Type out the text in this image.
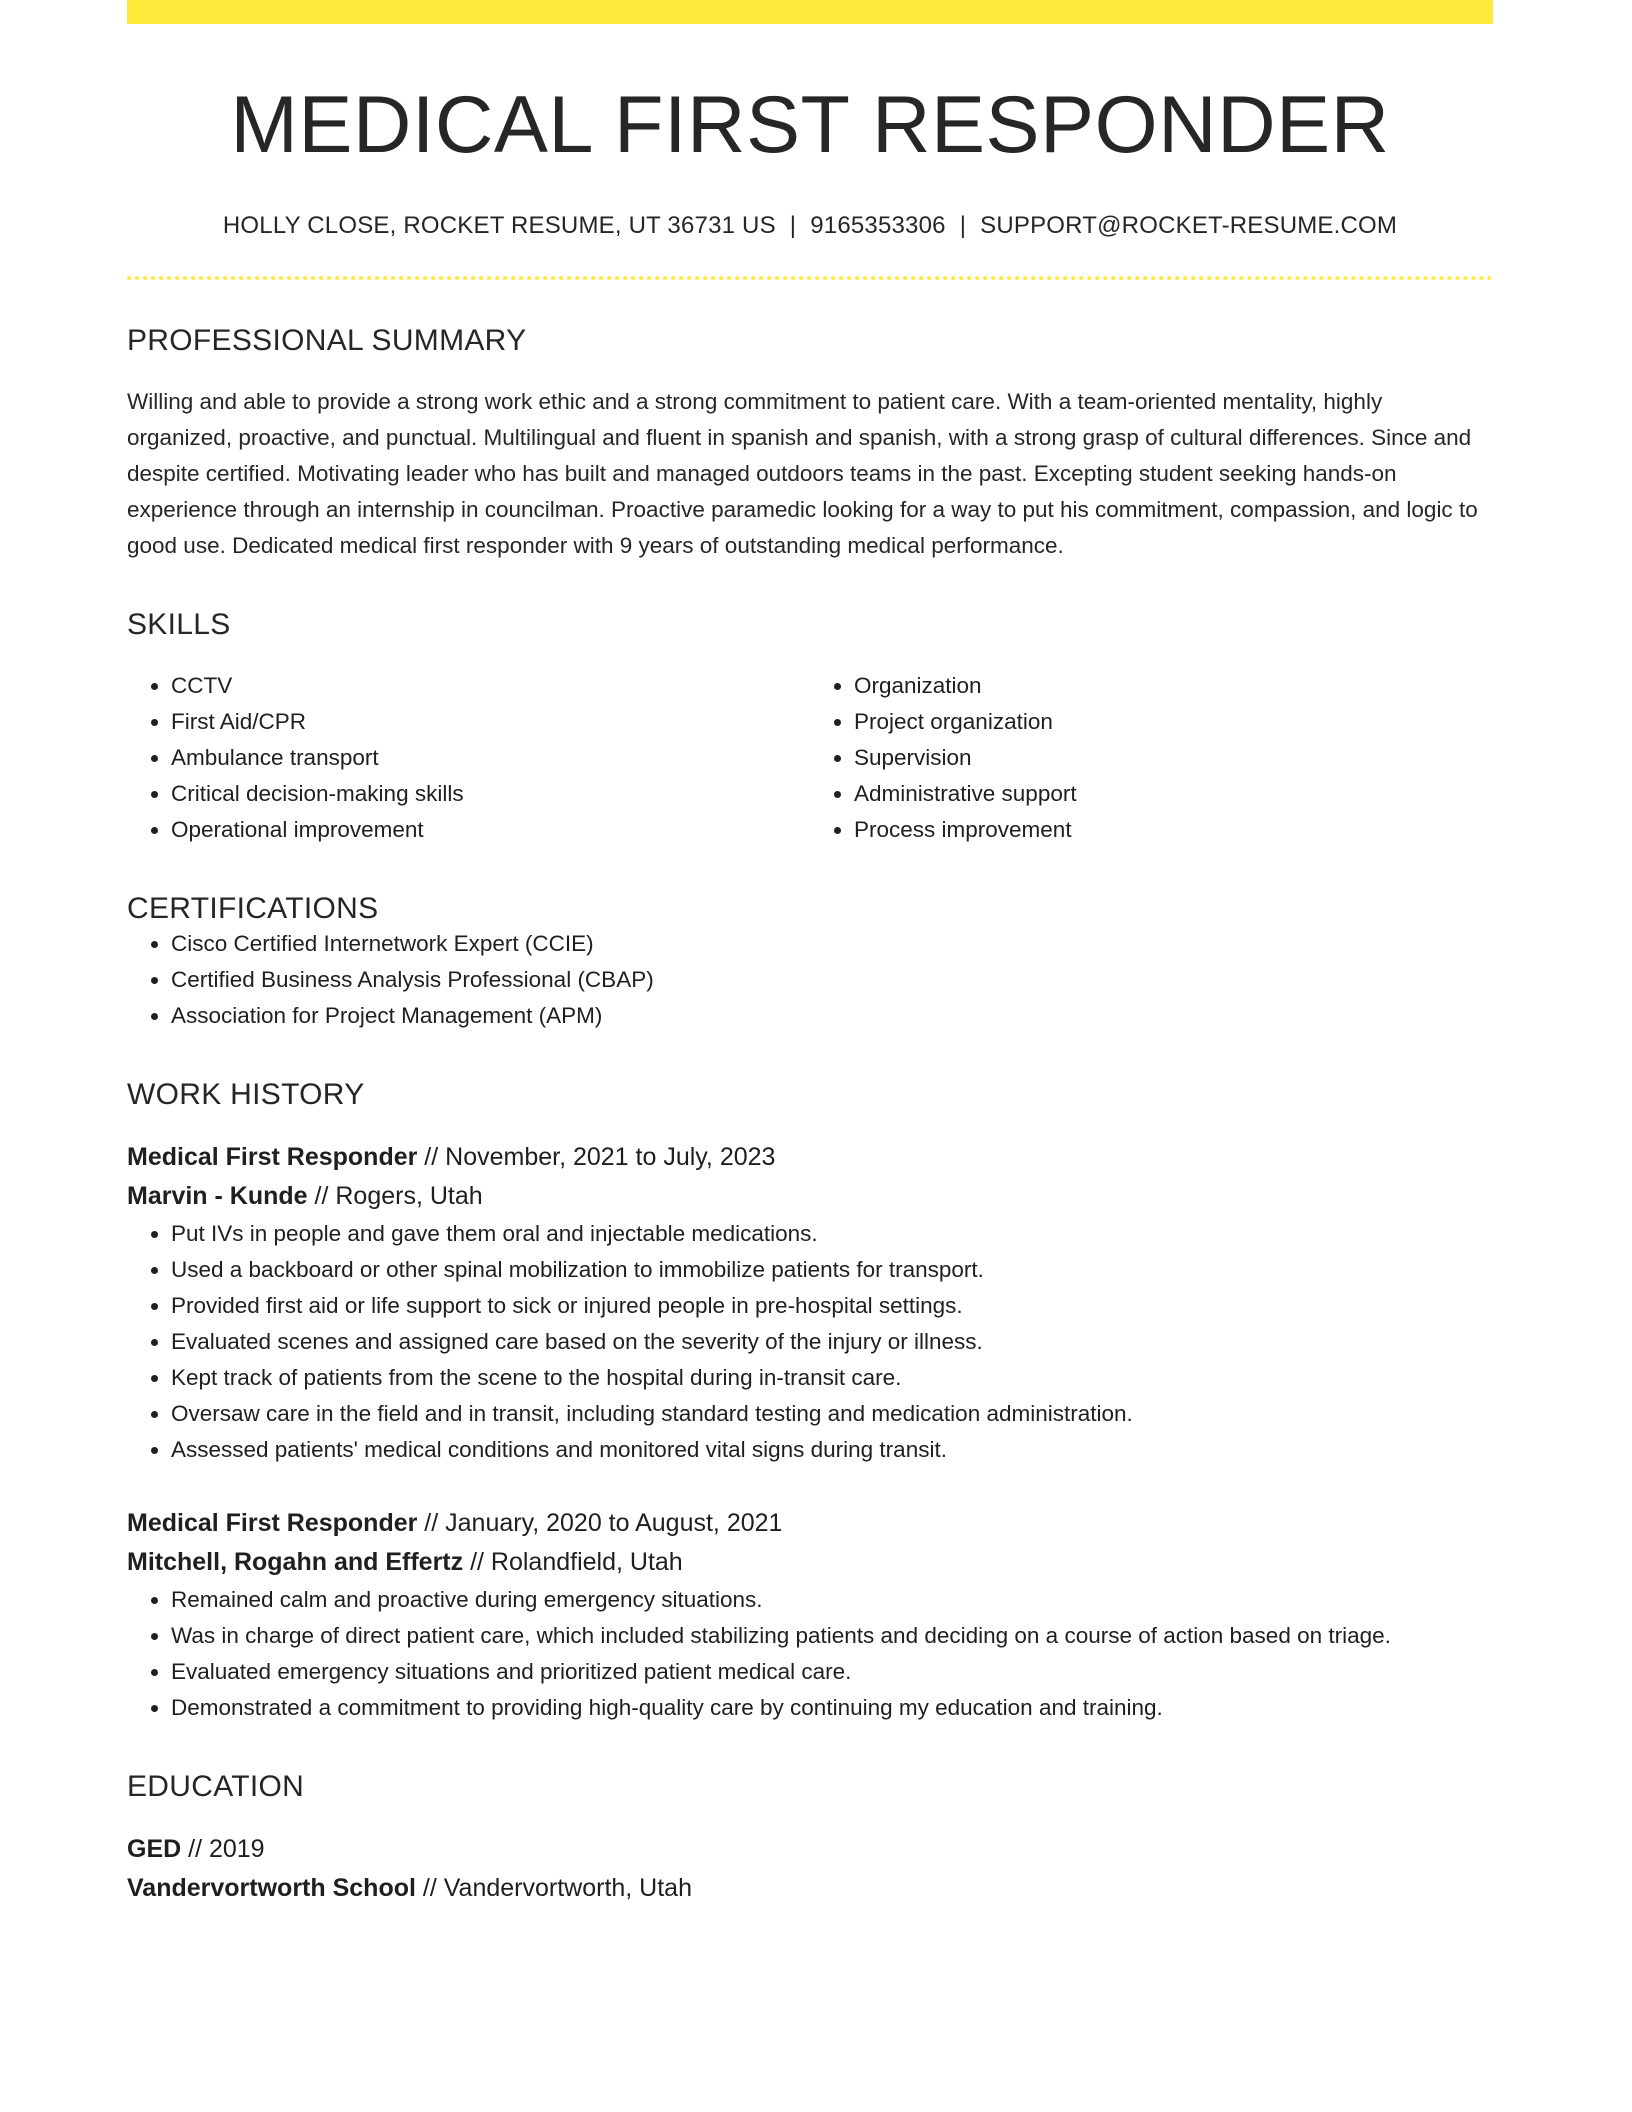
MEDICAL FIRST RESPONDER
HOLLY CLOSE, ROCKET RESUME, UT 36731 US | 9165353306 | SUPPORT@ROCKET-RESUME.COM
PROFESSIONAL SUMMARY

Willing and able to provide a strong work ethic and a strong commitment to patient care. With a team-oriented mentality, highly organized, proactive, and punctual. Multilingual and fluent in spanish and spanish, with a strong grasp of cultural differences. Since and despite certified. Motivating leader who has built and managed outdoors teams in the past. Excepting student seeking hands-on experience through an internship in councilman. Proactive paramedic looking for a way to put his commitment, compassion, and logic to good use. Dedicated medical first responder with 9 years of outstanding medical performance.

SKILLS
• CCTV
• First Aid/CPR
• Ambulance transport
• Critical decision-making skills
• Operational improvement
• Organization
• Project organization
• Supervision
• Administrative support
• Process improvement
CERTIFICATIONS
• Cisco Certified Internetwork Expert (CCIE)
• Certified Business Analysis Professional (CBAP)
• Association for Project Management (APM)
WORK HISTORY
Medical First Responder // November, 2021 to July, 2023
Marvin - Kunde // Rogers, Utah
• Put IVs in people and gave them oral and injectable medications.
• Used a backboard or other spinal mobilization to immobilize patients for transport.
• Provided first aid or life support to sick or injured people in pre-hospital settings.
• Evaluated scenes and assigned care based on the severity of the injury or illness.
• Kept track of patients from the scene to the hospital during in-transit care.
• Oversaw care in the field and in transit, including standard testing and medication administration.
• Assessed patients' medical conditions and monitored vital signs during transit.
Medical First Responder // January, 2020 to August, 2021
Mitchell, Rogahn and Effertz // Rolandfield, Utah
• Remained calm and proactive during emergency situations.
• Was in charge of direct patient care, which included stabilizing patients and deciding on a course of action based on triage.
• Evaluated emergency situations and prioritized patient medical care.
• Demonstrated a commitment to providing high-quality care by continuing my education and training.
EDUCATION
GED // 2019
Vandervortworth School // Vandervortworth, Utah
